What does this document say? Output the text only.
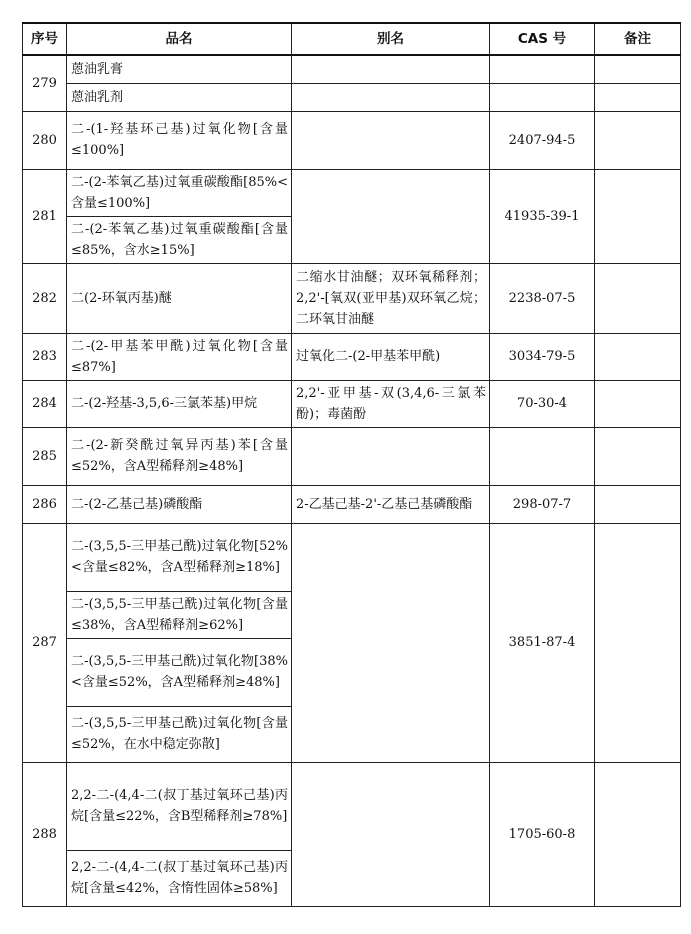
序号	品名	别名	CAS 号	备注
279	蒽油乳膏			
	蒽油乳剂			
280	二-(1-羟基环己基)过氧化物[含量≤100%]		2407-94-5	
281	二-(2-苯氧乙基)过氧重碳酸酯[85%<含量≤100%]		41935-39-1	
	二-(2-苯氧乙基)过氧重碳酸酯[含量≤85%，含水≥15%]			
282	二(2-环氧丙基)醚	二缩水甘油醚；双环氧稀释剂；2,2'-[氧双(亚甲基)双环氧乙烷；二环氧甘油醚	2238-07-5	
283	二-(2-甲基苯甲酰)过氧化物[含量≤87%]	过氧化二-(2-甲基苯甲酰)	3034-79-5	
284	二-(2-羟基-3,5,6-三氯苯基)甲烷	2,2'-亚甲基-双(3,4,6-三氯苯酚)；毒菌酚	70-30-4	
285	二-(2-新癸酰过氧异丙基)苯[含量≤52%，含A型稀释剂≥48%]			
286	二-(2-乙基己基)磷酸酯	2-乙基己基-2'-乙基己基磷酸酯	298-07-7	
287	二-(3,5,5-三甲基己酰)过氧化物[52%<含量≤82%，含A型稀释剂≥18%]		3851-87-4	
	二-(3,5,5-三甲基己酰)过氧化物[含量≤38%，含A型稀释剂≥62%]			
	二-(3,5,5-三甲基己酰)过氧化物[38%<含量≤52%，含A型稀释剂≥48%]			
	二-(3,5,5-三甲基己酰)过氧化物[含量≤52%，在水中稳定弥散]			
288	2,2-二-(4,4-二(叔丁基过氧环己基)丙烷[含量≤22%，含B型稀释剂≥78%]		1705-60-8	
	2,2-二-(4,4-二(叔丁基过氧环己基)丙烷[含量≤42%，含惰性固体≥58%]			
